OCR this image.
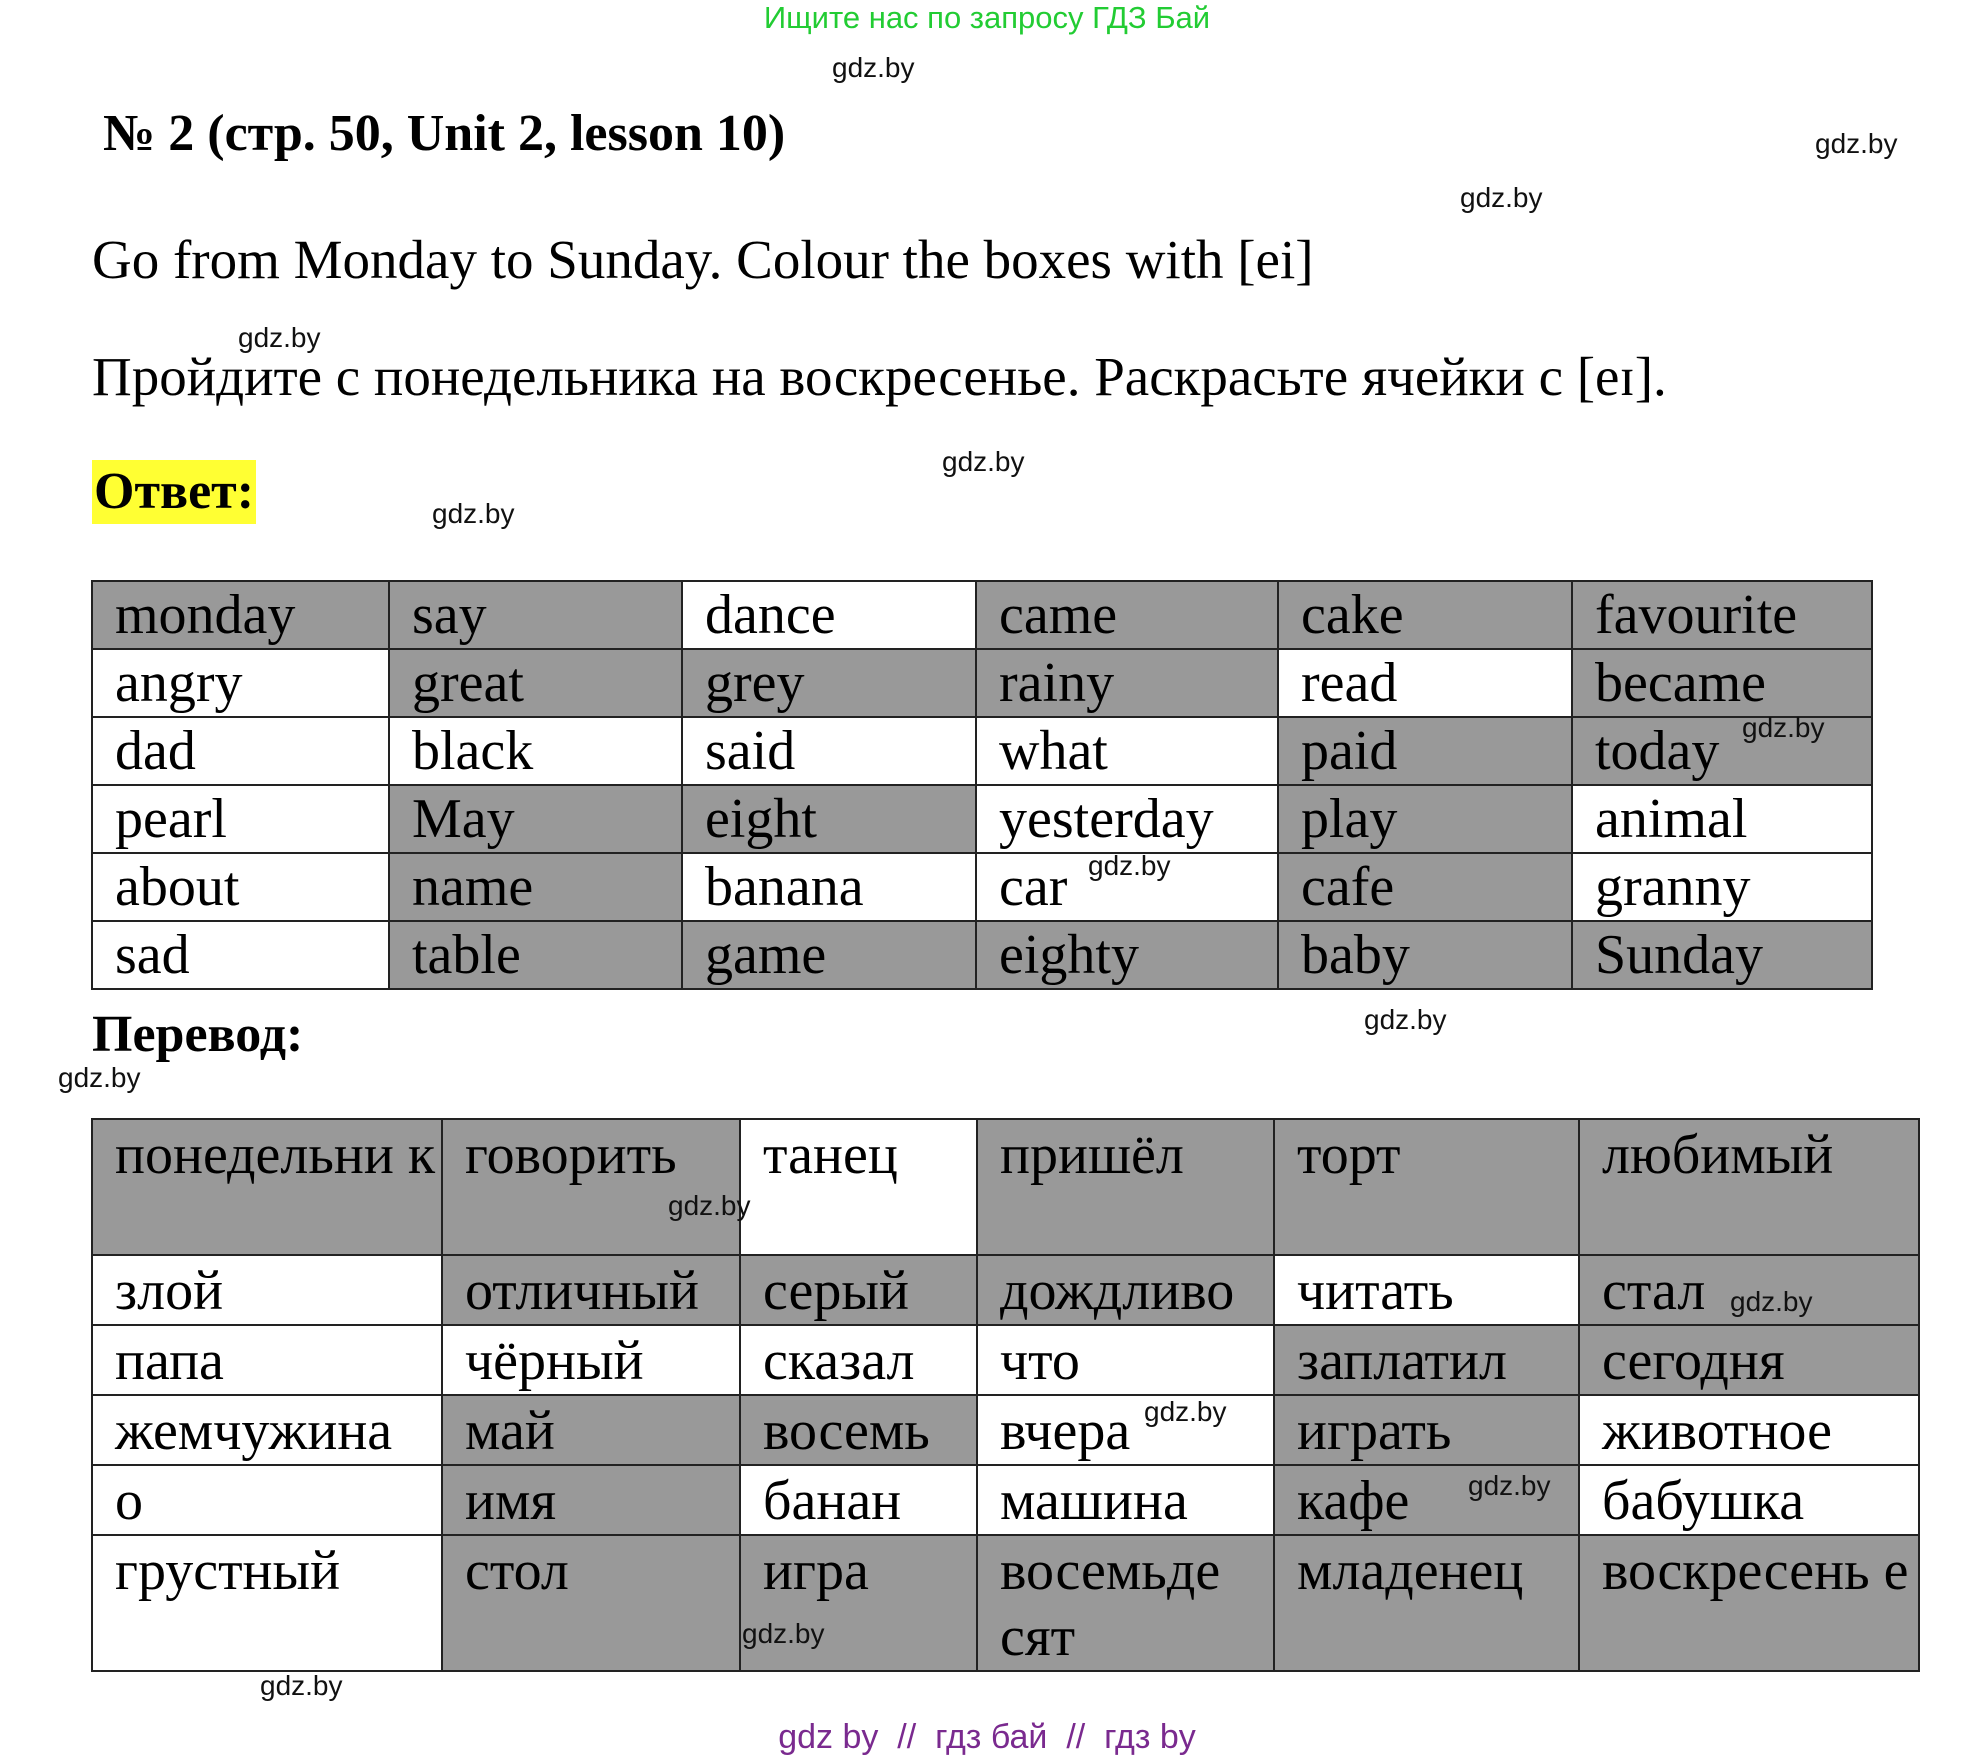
Ищите нас по запросу ГДЗ Бай
№ 2 (стр. 50, Unit 2, lesson 10)
Go from Monday to Sunday. Colour the boxes with [ei]
Пройдите с понедельника на воскресенье. Раскрасьте ячейки с [eɪ].
Ответ:
monday	say	dance	came	cake	favourite
angry	great	grey	rainy	read	became
dad	black	said	what	paid	today
pearl	May	eight	yesterday	play	animal
about	name	banana	car	cafe	granny
sad	table	game	eighty	baby	Sunday
Перевод:
понедельни к	говорить	танец	пришёл	торт	любимый
злой	отличный	серый	дождливо	читать	стал
папа	чёрный	сказал	что	заплатил	сегодня
жемчужина	май	восемь	вчера	играть	животное
о	имя	банан	машина	кафе	бабушка
грустный	стол	игра	восемьде сят	младенец	воскресень е
gdz.by
gdz.by
gdz.by
gdz.by
gdz.by
gdz.by
gdz.by
gdz.by
gdz.by
gdz.by
gdz.by
gdz.by
gdz.by
gdz.by
gdz.by
gdz.by
gdz by  //  гдз бай  //  гдз by
